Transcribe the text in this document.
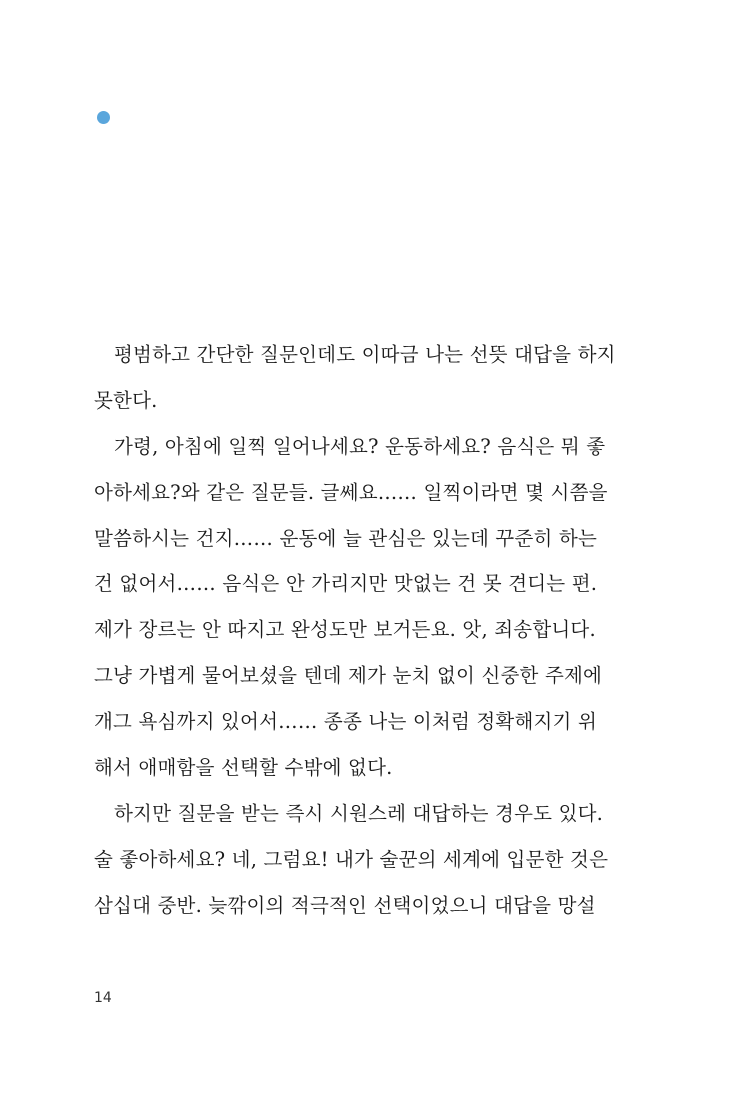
평범하고 간단한 질문인데도 이따금 나는 선뜻 대답을 하지
못한다.
가령, 아침에 일찍 일어나세요? 운동하세요? 음식은 뭐 좋
아하세요?와 같은 질문들. 글쎄요…… 일찍이라면 몇 시쯤을
말씀하시는 건지…… 운동에 늘 관심은 있는데 꾸준히 하는
건 없어서…… 음식은 안 가리지만 맛없는 건 못 견디는 편.
제가 장르는 안 따지고 완성도만 보거든요. 앗, 죄송합니다.
그냥 가볍게 물어보셨을 텐데 제가 눈치 없이 신중한 주제에
개그 욕심까지 있어서…… 종종 나는 이처럼 정확해지기 위
해서 애매함을 선택할 수밖에 없다.
하지만 질문을 받는 즉시 시원스레 대답하는 경우도 있다.
술 좋아하세요? 네, 그럼요! 내가 술꾼의 세계에 입문한 것은
삼십대 중반. 늦깎이의 적극적인 선택이었으니 대답을 망설
14
